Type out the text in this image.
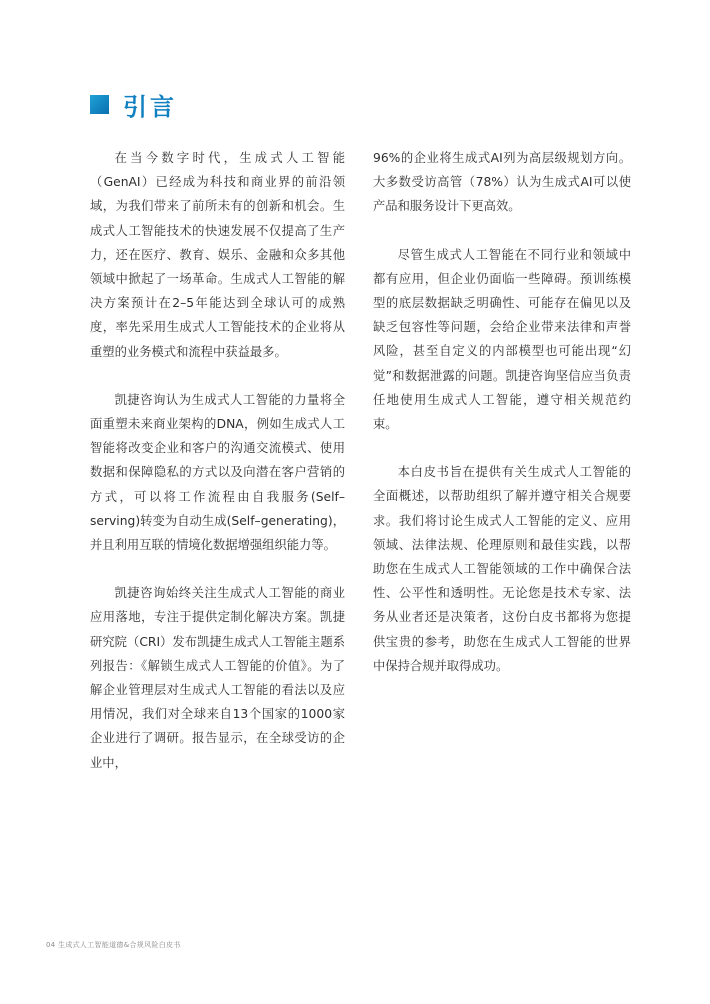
引言

在当今数字时代，生成式人工智能（GenAI）已经成为科技和商业界的前沿领域，为我们带来了前所未有的创新和机会。生成式人工智能技术的快速发展不仅提高了生产力，还在医疗、教育、娱乐、金融和众多其他领域中掀起了一场革命。生成式人工智能的解决方案预计在2–5年能达到全球认可的成熟度，率先采用生成式人工智能技术的企业将从重塑的业务模式和流程中获益最多。

凯捷咨询认为生成式人工智能的力量将全面重塑未来商业架构的DNA，例如生成式人工智能将改变企业和客户的沟通交流模式、使用数据和保障隐私的方式以及向潜在客户营销的方式，可以将工作流程由自我服务(Self–serving)转变为自动生成(Self–generating)，并且利用互联的情境化数据增强组织能力等。

凯捷咨询始终关注生成式人工智能的商业应用落地，专注于提供定制化解决方案。凯捷研究院（CRI）发布凯捷生成式人工智能主题系列报告：《解锁生成式人工智能的价值》。为了解企业管理层对生成式人工智能的看法以及应用情况，我们对全球来自13个国家的1000家企业进行了调研。报告显示，在全球受访的企业中，

96%的企业将生成式AI列为高层级规划方向。大多数受访高管（78%）认为生成式AI可以使产品和服务设计下更高效。

尽管生成式人工智能在不同行业和领域中都有应用，但企业仍面临一些障碍。预训练模型的底层数据缺乏明确性、可能存在偏见以及缺乏包容性等问题，会给企业带来法律和声誉风险，甚至自定义的内部模型也可能出现“幻觉”和数据泄露的问题。凯捷咨询坚信应当负责任地使用生成式人工智能，遵守相关规范约束。

本白皮书旨在提供有关生成式人工智能的全面概述，以帮助组织了解并遵守相关合规要求。我们将讨论生成式人工智能的定义、应用领域、法律法规、伦理原则和最佳实践，以帮助您在生成式人工智能领域的工作中确保合法性、公平性和透明性。无论您是技术专家、法务从业者还是决策者，这份白皮书都将为您提供宝贵的参考，助您在生成式人工智能的世界中保持合规并取得成功。

04 生成式人工智能道德&合规风险白皮书
